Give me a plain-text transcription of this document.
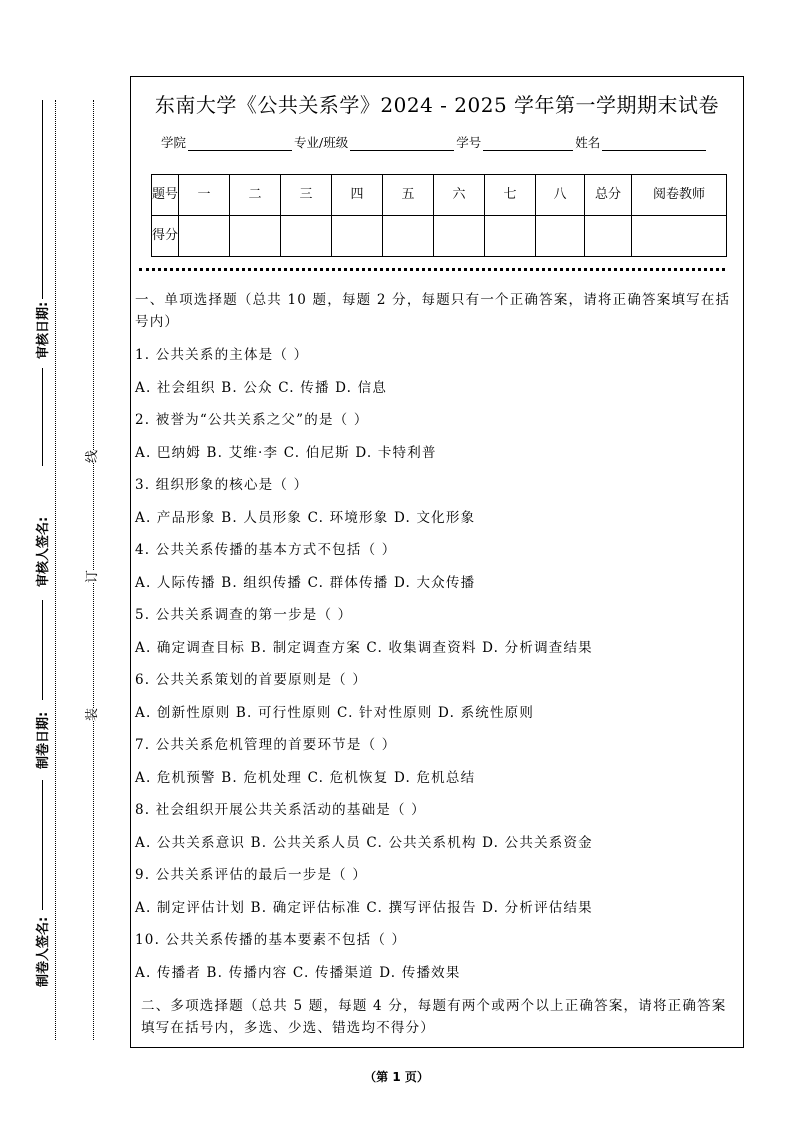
审核日期:
审核人签名:
制卷日期:
制卷人签名:
线
订
装
东南大学《公共关系学》2024 - 2025 学年第一学期期末试卷
学院	专业/班级	学号	姓名
题号	一	二	三	四	五	六	七	八	总分	阅卷教师
得分										

一、单项选择题（总共 10 题，每题 2 分，每题只有一个正确答案，请将正确答案填写在括号内）

1. 公共关系的主体是（ ）

A. 社会组织 B. 公众 C. 传播 D. 信息

2. 被誉为“公共关系之父”的是（ ）

A. 巴纳姆 B. 艾维·李 C. 伯尼斯 D. 卡特利普

3. 组织形象的核心是（ ）

A. 产品形象 B. 人员形象 C. 环境形象 D. 文化形象

4. 公共关系传播的基本方式不包括（ ）

A. 人际传播 B. 组织传播 C. 群体传播 D. 大众传播

5. 公共关系调查的第一步是（ ）

A. 确定调查目标 B. 制定调查方案 C. 收集调查资料 D. 分析调查结果

6. 公共关系策划的首要原则是（ ）

A. 创新性原则 B. 可行性原则 C. 针对性原则 D. 系统性原则

7. 公共关系危机管理的首要环节是（ ）

A. 危机预警 B. 危机处理 C. 危机恢复 D. 危机总结

8. 社会组织开展公共关系活动的基础是（ ）

A. 公共关系意识 B. 公共关系人员 C. 公共关系机构 D. 公共关系资金

9. 公共关系评估的最后一步是（ ）

A. 制定评估计划 B. 确定评估标准 C. 撰写评估报告 D. 分析评估结果

10. 公共关系传播的基本要素不包括（ ）

A. 传播者 B. 传播内容 C. 传播渠道 D. 传播效果

二、多项选择题（总共 5 题，每题 4 分，每题有两个或两个以上正确答案，请将正确答案填写在括号内，多选、少选、错选均不得分）

（第 1 页）
